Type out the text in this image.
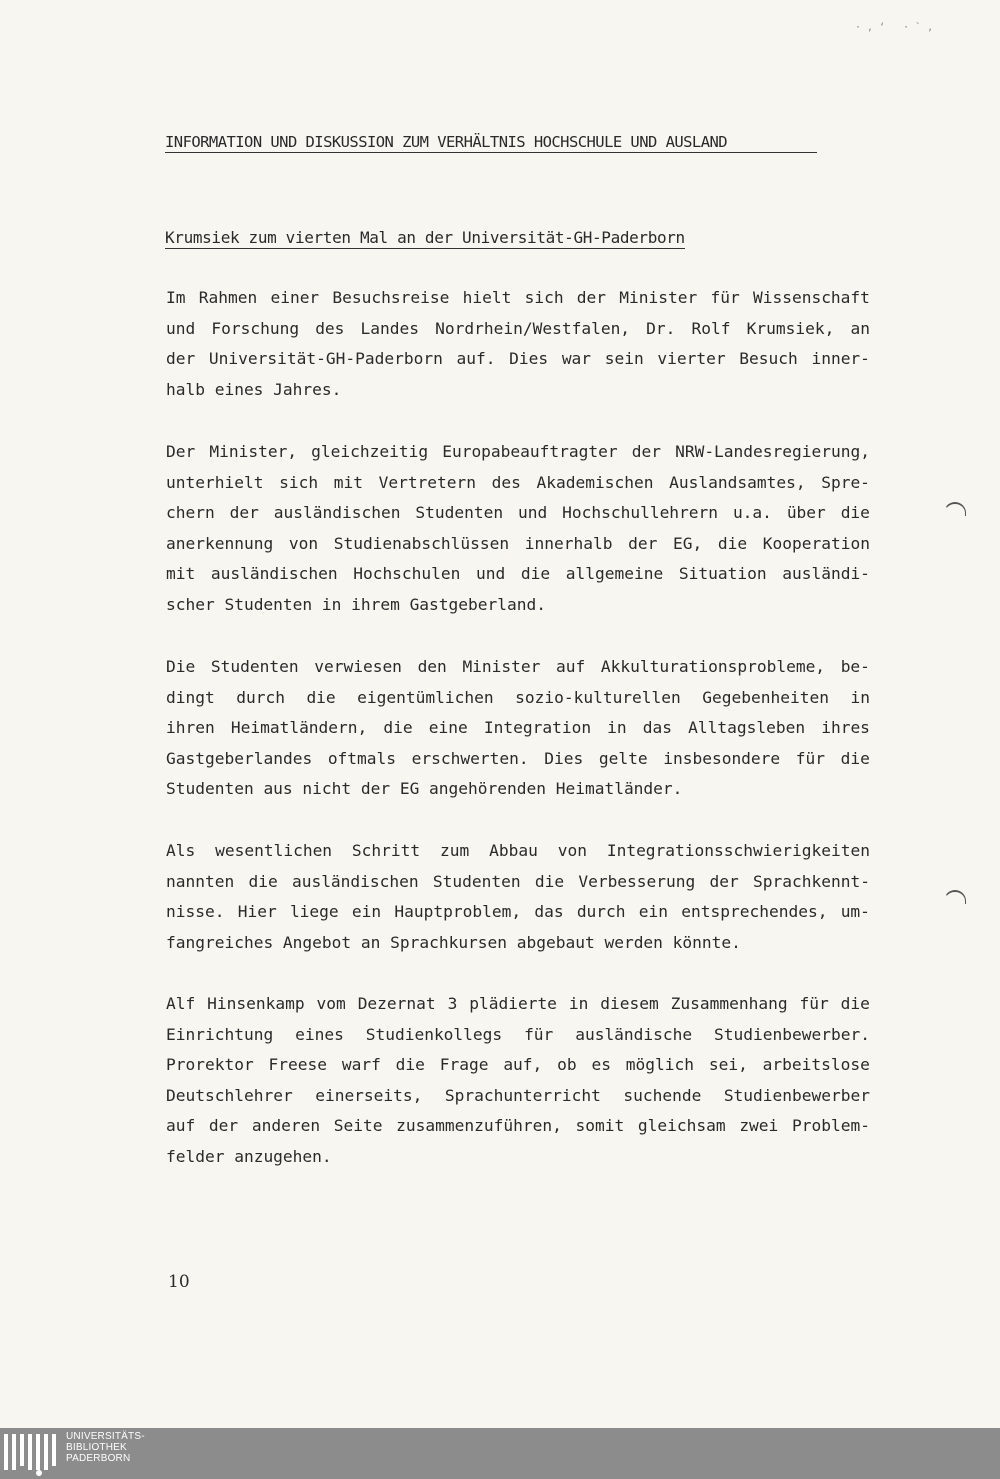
·,‘ ·`,
INFORMATION UND DISKUSSION ZUM VERHÄLTNIS HOCHSCHULE UND AUSLAND
Krumsiek zum vierten Mal an der Universität-GH-Paderborn
Im Rahmen einer Besuchsreise hielt sich der Minister für Wissenschaft
und Forschung des Landes Nordrhein/Westfalen, Dr. Rolf Krumsiek, an
der Universität-GH-Paderborn auf. Dies war sein vierter Besuch inner-
halb eines Jahres.
Der Minister, gleichzeitig Europabeauftragter der NRW-Landesregierung,
unterhielt sich mit Vertretern des Akademischen Auslandsamtes, Spre-
chern der ausländischen Studenten und Hochschullehrern u.a. über die
anerkennung von Studienabschlüssen innerhalb der EG, die Kooperation
mit ausländischen Hochschulen und die allgemeine Situation ausländi-
scher Studenten in ihrem Gastgeberland.
Die Studenten verwiesen den Minister auf Akkulturationsprobleme, be-
dingt durch die eigentümlichen sozio-kulturellen Gegebenheiten in
ihren Heimatländern, die eine Integration in das Alltagsleben ihres
Gastgeberlandes oftmals erschwerten. Dies gelte insbesondere für die
Studenten aus nicht der EG angehörenden Heimatländer.
Als wesentlichen Schritt zum Abbau von Integrationsschwierigkeiten
nannten die ausländischen Studenten die Verbesserung der Sprachkennt-
nisse. Hier liege ein Hauptproblem, das durch ein entsprechendes, um-
fangreiches Angebot an Sprachkursen abgebaut werden könnte.
Alf Hinsenkamp vom Dezernat 3 plädierte in diesem Zusammenhang für die
Einrichtung eines Studienkollegs für ausländische Studienbewerber.
Prorektor Freese warf die Frage auf, ob es möglich sei, arbeitslose
Deutschlehrer einerseits, Sprachunterricht suchende Studienbewerber
auf der anderen Seite zusammenzuführen, somit gleichsam zwei Problem-
felder anzugehen.
10
UNIVERSITÄTS-
BIBLIOTHEK
PADERBORN
